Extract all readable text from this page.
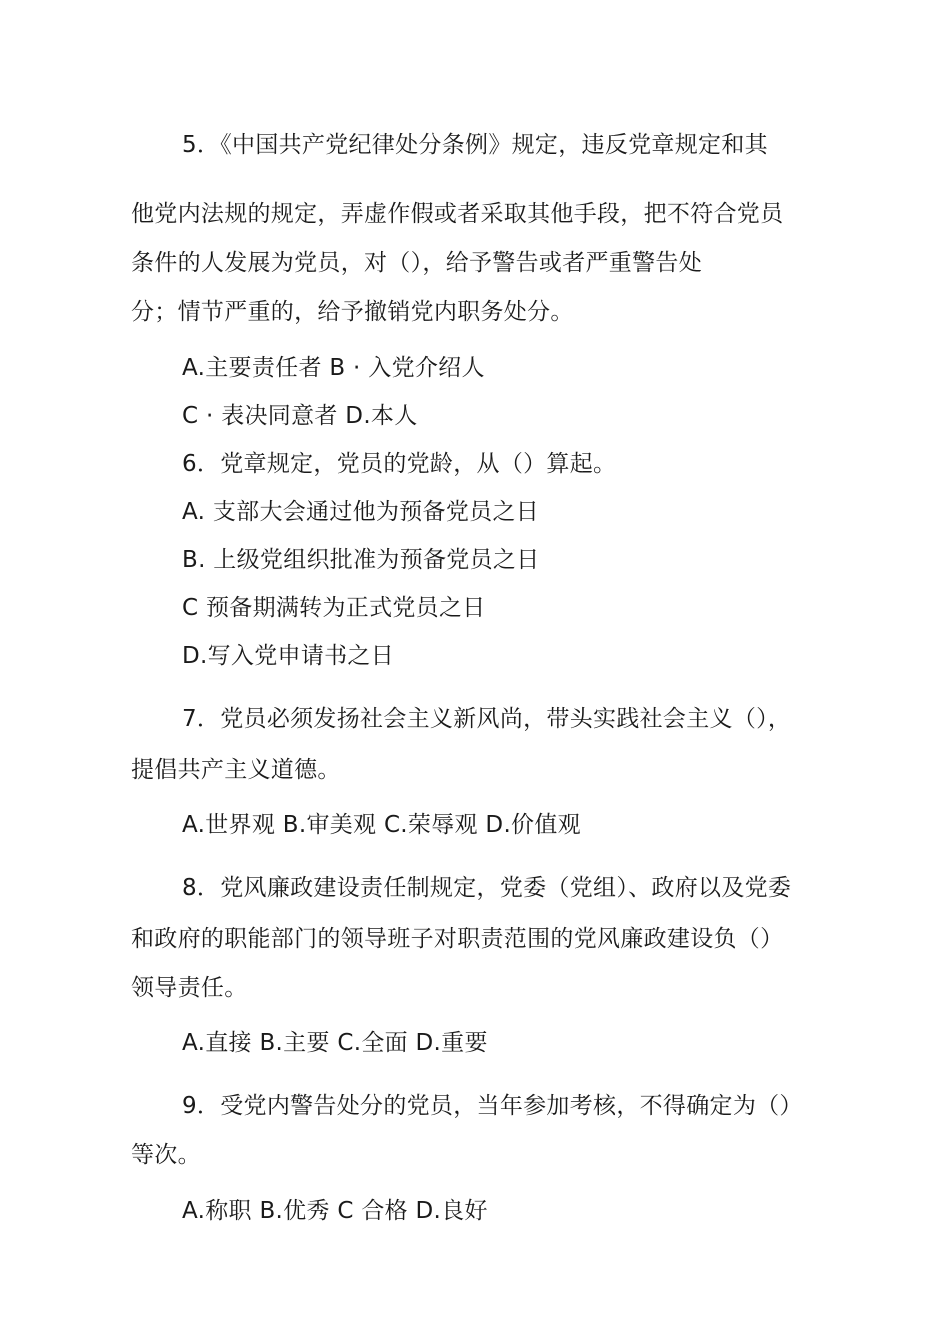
5．《中国共产党纪律处分条例》规定，违反党章规定和其
他党内法规的规定，弄虚作假或者采取其他手段，把不符合党员
条件的人发展为党员，对（），给予警告或者严重警告处
分；情节严重的，给予撤销党内职务处分。
A.主要责任者 B · 入党介绍人
C · 表决同意者 D.本人
6．党章规定，党员的党龄，从（）算起。
A. 支部大会通过他为预备党员之日
B. 上级党组织批准为预备党员之日
C 预备期满转为正式党员之日
D.写入党申请书之日
7．党员必须发扬社会主义新风尚，带头实践社会主义（），
提倡共产主义道德。
A.世界观 B.审美观 C.荣辱观 D.价值观
8．党风廉政建设责任制规定，党委（党组）、政府以及党委
和政府的职能部门的领导班子对职责范围的党风廉政建设负（）
领导责任。
A.直接 B.主要 C.全面 D.重要
9．受党内警告处分的党员，当年参加考核，不得确定为（）
等次。
A.称职 B.优秀 C 合格 D.良好
